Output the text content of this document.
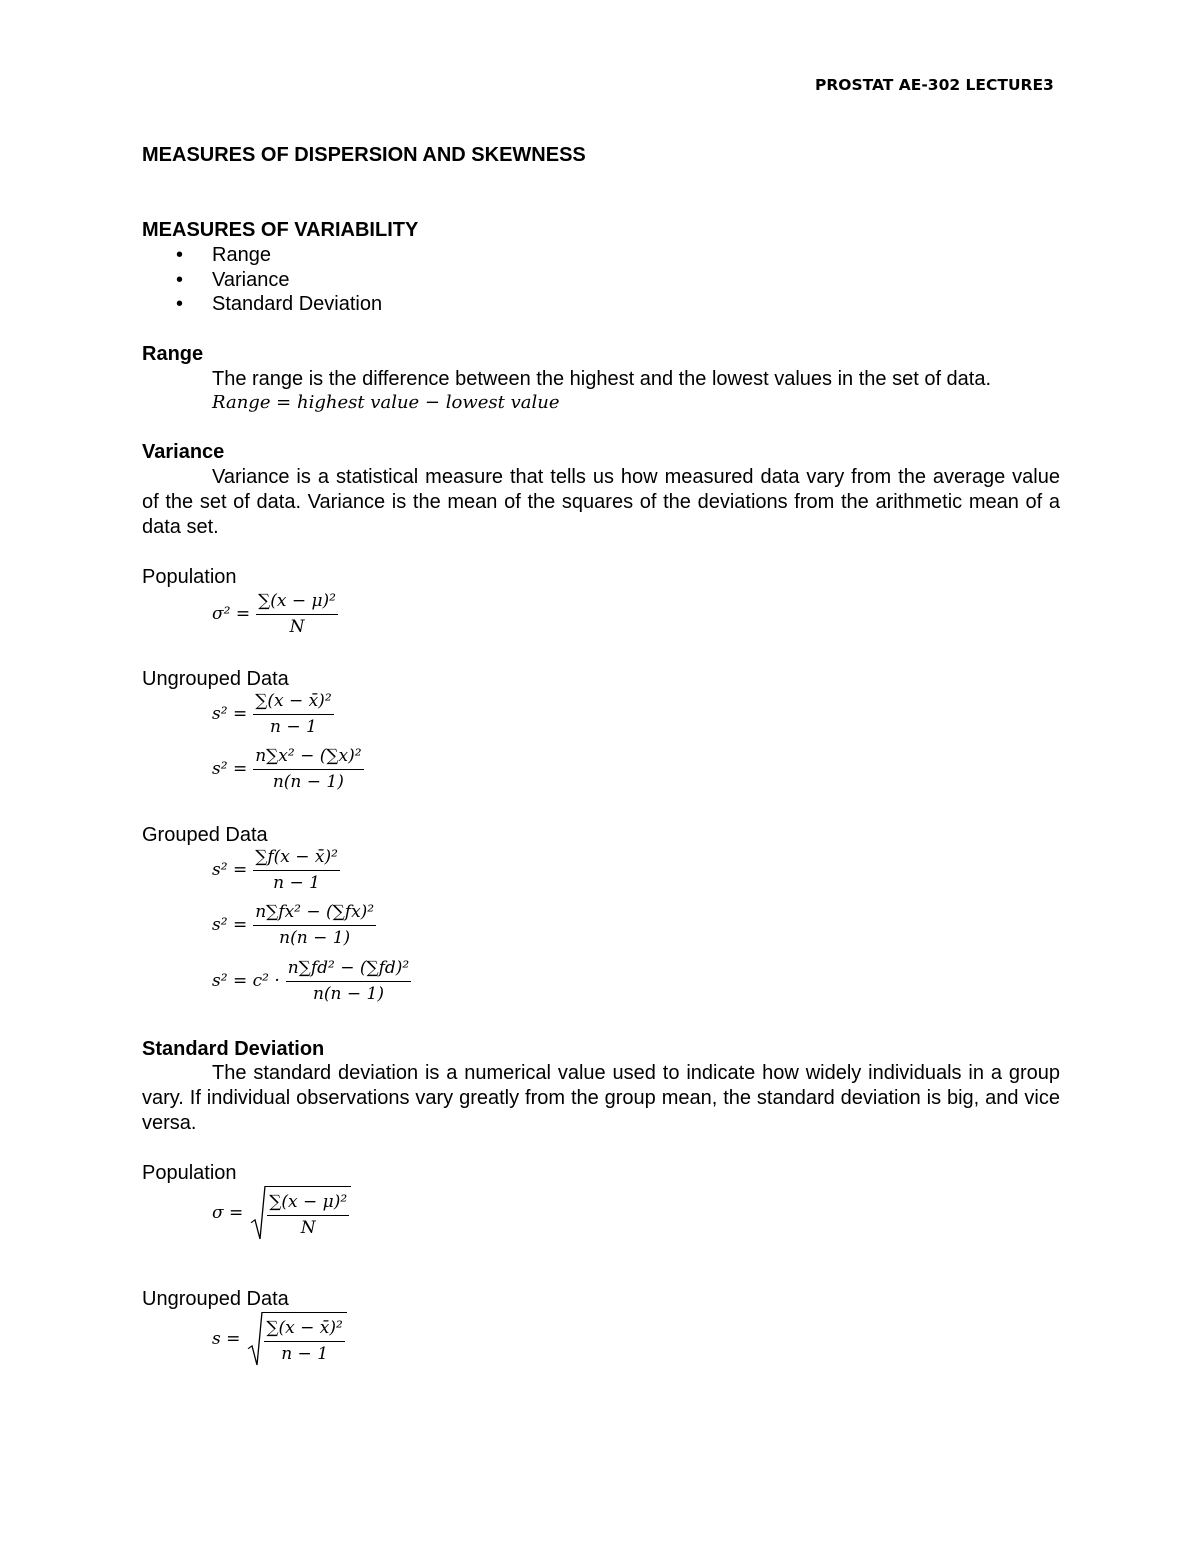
PROSTAT AE-302 LECTURE3
MEASURES OF DISPERSION AND SKEWNESS
MEASURES OF VARIABILITY
• Range
• Variance
• Standard Deviation
Range
The range is the difference between the highest and the lowest values in the set of data.
Range = highest value − lowest value
Variance
Variance is a statistical measure that tells us how measured data vary from the average value of the set of data. Variance is the mean of the squares of the deviations from the arithmetic mean of a data set.
Population
$\sigma^2 = \frac{\text{∑(x − μ)²}}{N}$
Ungrouped Data
$s^2 = \frac{\text{∑(x − x̄)²}}{n - 1}$
$s^2 = \frac{\text{n∑x² − (∑x)²}}{n(n - 1)}$
Grouped Data
$s^2 = \frac{\text{∑f(x − x̄)²}}{n - 1}$
$s^2 = \frac{\text{n∑fx² − (∑fx)²}}{n(n - 1)}$
$s^2 = c^2 \cdot \frac{\text{n∑fd² − (∑fd)²}}{n(n - 1)}$
Standard Deviation
The standard deviation is a numerical value used to indicate how widely individuals in a group vary. If individual observations vary greatly from the group mean, the standard deviation is big, and vice versa.
Population
$\sigma = \frac{\text{∑(x − μ)²}}{N}$
Ungrouped Data
$s = \frac{\text{∑(x − x̄)²}}{n - 1}$
